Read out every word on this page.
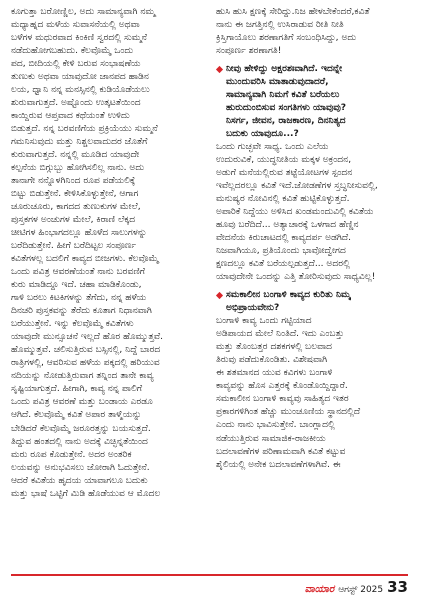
ಕೂಗುತ್ತಾ ಬರೋಣ್ಣಿಲ, ಅದು ಸಾಮಾನ್ಯವಾಗಿ ನಮ್ಮ
ಮಧ್ಯಾಹ್ನದ ಮಳೆಯ ಸುವಾಸನೆಯಲ್ಲಿ ಅಥವಾ
ಬಳೆಗಳ ಮಧುರವಾದ ಕಿಂಕಿಣಿ ಸ್ವರದಲ್ಲಿ ಸುಮ್ಮನೆ
ನಡೆದುಹೋಗಬಹುದು. ಕೆಲವೊಮ್ಮೆ ಒಂದು
ಪದ, ಬೀದಿಯಲ್ಲಿ ಕೇಳಿ ಬರುವ ಸಂಭಾಷಣೆಯ
ತುಣುಕು ಅಥವಾ ಯಾವುದೋ ಜಾನಪದ ಹಾಡಿನ
ಲಯ, ಧ್ವಾನಿ ನನ್ನ ಮನಸ್ಸಿನಲ್ಲಿ ಕುಡಿಯೊಡೆಯಲು
ಶುರುವಾಗುತ್ತದೆ. ಅಷ್ಟೊಂದು ಉತ್ಕಟತೆಯಿಂದ
ಕಾಯ್ದಿರುವ ಆಪ್ತವಾದ ಕಥೆಯಂತೆ ಉಳಿದು
ಬಿಡುತ್ತದೆ. ನನ್ನ ಬರವಣಿಗೆಯ ಪ್ರಕ್ರಿಯೆಯು ಸುಮ್ಮನೆ
ಗಮನಿಸುವುದು ಮತ್ತು ನಿಶ್ಚಲವಾದುದರ ಜೊತೆಗೆ
ಕುರುವಾಗುತ್ತದೆ. ನನ್ನಲ್ಲಿ ಮೂಡಿದ ಯಾವುದೇ
ಕಲ್ಪನೆಯ ಬಿಗ್ಗುಬ್ಬು ಹೋಗಿಸಲಿಲ್ಲ ನಾನು. ಅದು
ತಾನಾಗೇ ನನ್ನೊಳಗಿನಿಂದ ರೂಪ ಪಡೆಯಲಿಕ್ಕೆ
ಬಿಟ್ಟು ಬಿಡುತ್ತೇನೆ. ಕೇಳಿಸಿಕೊಳ್ಳುತ್ತೇನೆ, ಆಗಾಗ
ಚೂರುಚೂರು, ಕಾಗದದ ತುಣುಕುಗಳ ಮೇಲೆ,
ಪುಸ್ತಕಗಳ ಅಂಚುಗಳ ಮೇಲೆ, ಕಿರಾಣಿ ಲೆಕ್ಕದ
ಚೀಟಿಗಳ ಹಿಂಭಾಗದಲ್ಲೂ ಹೊಳೆದ ಸಾಲುಗಳನ್ನು
ಬರೆದಿಡುತ್ತೇನೆ. ಹೀಗೆ ಬರೆದಿಟ್ಟಲ ಸಂಪೂರ್ಣ
ಕವಿತೆಗಳಲ್ಲ ಬದಲಿಗೆ ಕಾವ್ಯದ ಬೀಜಗಳು. ಕೆಲವೊಮ್ಮೆ
ಒಂದು ಪವಿತ್ರ ಆವರಣೆಯಂತೆ ನಾನು ಬರವಣಿಗೆ
ಕುರು ಮಾಡಿದ್ದೂ ಇದೆ. ಚಹಾ ಮಾಡಿಕೊಂಡು,
ಗಾಳಿ ಬರಲು ಕಿಟಕಿಗಳನ್ನು ತೆಗೆದು, ನನ್ನ ಹಳೆಯ
ದಿನಚರಿ ಪುಸ್ತಕವನ್ನು ತೆರೆದು ಕೂತಾಗ ನಿಧಾನವಾಗಿ
ಬರೆಯುತ್ತೇನೆ. ಇನ್ನು ಕೆಲವೊಮ್ಮೆ ಕವಿತೆಗಳು
ಯಾವುದೇ ಮುನ್ಸೂಚನೆ ಇಲ್ಲದೆ ಹೊರ ಹೊಮ್ಮುತ್ತವೆ.
ಹೊಮ್ಮುತ್ತವೆ. ಚಲಿಸುತ್ತಿರುವ ಬಸ್ಸಿನಲ್ಲಿ, ನಿದ್ದೆ ಬಾರದ
ರಾತ್ರಿಗಳಲ್ಲಿ, ಆವರಿಸುವ ಹಳೆಯ ಪಕ್ಕದಲ್ಲಿ ಹರಿಯುವ
ನದಿಯನ್ನು ನೋಡುತ್ತಿರುವಾಗ ತನ್ನಿಂದ ತಾನೇ ಕಾವ್ಯ
ಸೃಷ್ಟಿಯಾಗುತ್ತದೆ. ಹೀಗಾಗಿ, ಕಾವ್ಯ ನನ್ನ ಪಾಲಿಗೆ
ಒಂದು ಪವಿತ್ರ ಆವರಣೆ ಮತ್ತು ಬಂಡಾಯ ಎರಡೂ
ಆಗಿದೆ. ಕೆಲವೊಮ್ಮೆ ಕವಿತೆ ಅಪಾರ ತಾಳ್ಮೆಯನ್ನು
ಬೇಡಿದರೆ ಕೆಲವೊಮ್ಮೆ ಜರೂರತ್ತನ್ನು ಬಯಸುತ್ತದೆ.
ತಿದ್ದುವ ಹಂತದಲ್ಲಿ ನಾನು ಅದಕ್ಕೆ ವಿಚ್ಛಿನ್ನತೆಯಿಂದ
ಮರು ರೂಪ ಕೊಡುತ್ತೇನೆ. ಅದರ ಅಂತರಿಕ
ಲಯವನ್ನು ಅನುಭವಿಸಲು ಜೋರಾಗಿ ಓದುತ್ತೇನೆ.
ಆದರೆ ಕವಿತೆಯ ಹೃದಯ ಯಾವಾಗಲೂ ಬದುಕು
ಮತ್ತು ಭಾಷೆ ಒಟ್ಟಿಗೆ ಮಿಡಿ ಹೊಡೆಯುವ ಆ ಮೊದಲ
ಹುಸಿ ಹುಸಿ ಕ್ಷಣಕ್ಕೆ ಸೇರಿದ್ದು.ನಿಜ ಹೇಳಬೇಕೆಂದರೆ,ಕವಿತೆ
ನಾನು ಈ ಜಗತ್ತಿನಲ್ಲಿ ಉಸಿರಾಡುವ ರೀತಿ ನೀತಿ
ಕ್ರಿಸ್ತಿಗಾಯೊಲು ಶರಣಾಗತಿಗೆ ಸಂಬಂಧಿಸಿದ್ದು, ಅದು
ಸಂಪೂರ್ಣ ಶರಣಾಗತಿ!
ನೀವು ಹೇಳಿದ್ದು ಅಕ್ಷರಶಃವಾಗಿದೆ. ಇದನ್ನೇ
ಮುಂದುವರಿಸಿ ಮಾತಾಡುವುದಾದರೆ,
ಸಾಮಾನ್ಯವಾಗಿ ನಿಮಗೆ ಕವಿತೆ ಬರೆಯಲು
ಹುರುದುಂಬಿಸುವ ಸಂಗತಿಗಳು ಯಾವುವು?
ನಿಸರ್ಗ, ಜೀವನ, ರಾಜಕಾರಣ, ದಿನನಿತ್ಯದ
ಬದುಕು ಯಾವುದೂ...?
ಒಂದು ಗುಚ್ಛವೇ ಸಾಧ್ಯ. ಒಂದು ಎಲೆಯ
ಉದುರುವಿಕೆ, ಯುದ್ಧನೀತಿಯ ಮಕ್ಕಳ ಅಕ್ರಂದನ,
ಅಡುಗೆ ಮನೆಯಲ್ಲಿರುವ ತಟ್ಟೆಯೋಟಗಳ ಸ್ಪಂದನ
ಇವೆಲ್ಲದರಲ್ಲೂ ಕವಿತೆ ಇದೆ.ಜೋಡಣೆಗಳ ಸ್ತಬ್ಧನೀಸುವಲ್ಲಿ,
ಮನುಷ್ಯರ ನೋವಿನಲ್ಲಿ ಕವಿತೆ ಹುಟ್ಟಿಕೊಳ್ಳುತ್ತದೆ.
ಅಪಾರಿಕೆ ನಿದ್ದೆಯು ಅಳಿಸಿದ ಖಂಡಮಂದುವಿಲ್ಲಿ ಕವಿತೆಯ
ಹೂವು ಬರೆದಿದೆ... ಅತ್ಯಾಚಾರಕ್ಕೆ ಒಳಗಾದ ಹೆಣ್ಣಿನ
ವೇದನೆಯ ಕಿರುಚಾಟದಲ್ಲಿ ಕಾವ್ಯದರ್ಪ ಅಡಗಿದೆ.
ನಿಜವಾಗಿಯೂ, ಪ್ರತಿಯೊಂದು ಭಾವೋದ್ವೇಗದ
ಕ್ಷಣದಲ್ಲೂ ಕವಿತೆ ಬರೆಯಲ್ಪಡುತ್ತದೆ... ಅದರಲ್ಲಿ
ಯಾವುದೇನೇ ಒಂದನ್ನು ಎತ್ತಿ ತೋರಿಸುವುದು ಸಾಧ್ಯವಿಲ್ಲ!
ಸಮಕಾಲೀನ ಬಂಗಾಳಿ ಕಾವ್ಯದ ಕುರಿತು ನಿಮ್ಮ
ಅಭಿಪ್ರಾಯವೇನು?
ಬಂಗಾಳಿ ಕಾವ್ಯ ಒಂದು ಗಟ್ಟಿಯಾದ
ಅಡಿಪಾಯದ ಮೇಲೆ ನಿಂತಿದೆ. ಇದು ಎಂಬತ್ತು
ಮತ್ತು ತೊಂಬತ್ತರ ದಶಕಗಳಲ್ಲಿ ಬಲವಾದ
ತಿರುವು ಪಡೆದುಕೊಂಡಿತು. ವಿಶೇಷವಾಗಿ
ಈ ಶತಮಾನದ ಯುವ ಕವಿಗಳು ಬಂಗಾಳಿ
ಕಾವ್ಯವನ್ನು ಹೊಸ ಎತ್ತರಕ್ಕೆ ಕೊಂಡೊಯ್ದಿದ್ದಾರೆ.
ಸಮಕಾಲೀನ ಬಂಗಾಳಿ ಕಾವ್ಯವು ಸಾಹಿತ್ಯದ ಇತರ
ಪ್ರಕಾರಗಳಿಗಿಂತ ಹೆಚ್ಚು ಮುಂಚೂಣಿಯ ಸ್ಥಾನದಲ್ಲಿದೆ
ಎಂದು ನಾನು ಭಾವಿಸುತ್ತೇನೆ. ಬಾಂಗ್ಲಾದಲ್ಲಿ
ನಡೆಯುತ್ತಿರುವ ಸಾಮಾಜಿಕ-ರಾಜಕೀಯ
ಬದಲಾವಣೆಗಳ ಪರಿಣಾಮವಾಗಿ ಕವಿತೆ ಕಟ್ಟುವ
ಶೈಲಿಯಲ್ಲಿ ಅನೇಕ ಬದಲಾವಣೆಗಳಾಗಿವೆ. ಈ
ವಾಯಾರ ಆಗಸ್ಟ್ 2025 33
